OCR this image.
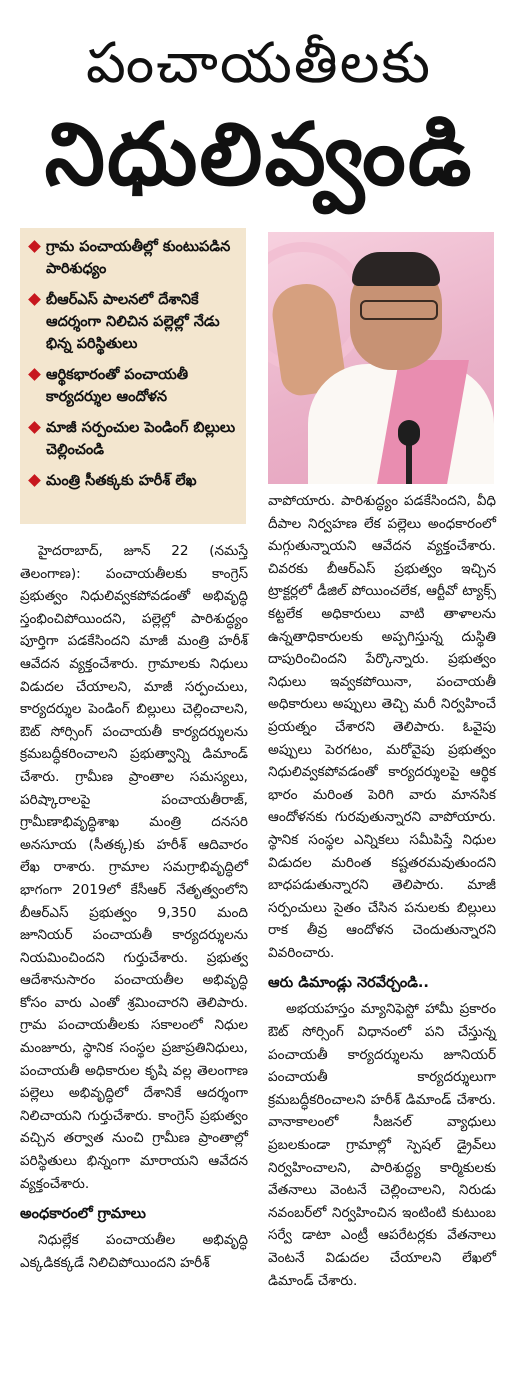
పంచాయతీలకు
నిధులివ్వండి
గ్రామ పంచాయతీల్లో కుంటుపడిన పారిశుధ్యం
బీఆర్ఎస్ పాలనలో దేశానికే ఆదర్శంగా నిలిచిన పల్లెల్లో నేడు భిన్న పరిస్థితులు
ఆర్థికభారంతో పంచాయతీ కార్యదర్శుల ఆందోళన
మాజీ సర్పంచుల పెండింగ్ బిల్లులు చెల్లించండి
మంత్రి సీతక్కకు హరీశ్ లేఖ

హైదరాబాద్, జూన్ 22 (నమస్తే తెలంగాణ): పంచాయతీలకు కాంగ్రెస్ ప్రభుత్వం నిధులివ్వకపోవడంతో అభివృద్ధి స్తంభించిపోయిందని, పల్లెల్లో పారిశుద్ధ్యం పూర్తిగా పడకేసిందని మాజీ మంత్రి హరీశ్ ఆవేదన వ్యక్తంచేశారు. గ్రామాలకు నిధులు విడుదల చేయాలని, మాజీ సర్పంచులు, కార్యదర్శుల పెండింగ్ బిల్లులు చెల్లించాలని, ఔట్ సోర్సింగ్ పంచాయతీ కార్యదర్శులను క్రమబద్ధీకరించాలని ప్రభుత్వాన్ని డిమాండ్ చేశారు. గ్రామీణ ప్రాంతాల సమస్యలు, పరిష్కారాలపై పంచాయతీరాజ్, గ్రామీణాభివృద్ధిశాఖ మంత్రి దనసరి అనసూయ (సీతక్క)కు హరీశ్ ఆదివారం లేఖ రాశారు. గ్రామాల సమగ్రాభివృద్ధిలో భాగంగా 2019లో కేసీఆర్ నేతృత్వంలోని బీఆర్ఎస్ ప్రభుత్వం 9,350 మంది జూనియర్ పంచాయతీ కార్యదర్శులను నియమించిందని గుర్తుచేశారు. ప్రభుత్వ ఆదేశానుసారం పంచాయతీల అభివృద్ధి కోసం వారు ఎంతో శ్రమించారని తెలిపారు. గ్రామ పంచాయతీలకు సకాలంలో నిధుల మంజూరు, స్థానిక సంస్థల ప్రజాప్రతినిధులు, పంచాయతీ అధికారుల కృషి వల్ల తెలంగాణ పల్లెలు అభివృద్ధిలో దేశానికే ఆదర్శంగా నిలిచాయని గుర్తుచేశారు. కాంగ్రెస్ ప్రభుత్వం వచ్చిన తర్వాత నుంచి గ్రామీణ ప్రాంతాల్లో పరిస్థితులు భిన్నంగా మారాయని ఆవేదన వ్యక్తంచేశారు.

అంధకారంలో గ్రామాలు

నిధుల్లేక పంచాయతీల అభివృద్ధి ఎక్కడికక్కడే నిలిచిపోయిందని హరీశ్

వాపోయారు. పారిశుద్ధ్యం పడకేసిందని, వీధి దీపాల నిర్వహణ లేక పల్లెలు అంధకారంలో మగ్గుతున్నాయని ఆవేదన వ్యక్తంచేశారు. చివరకు బీఆర్ఎస్ ప్రభుత్వం ఇచ్చిన ట్రాక్టర్లలో డీజిల్ పోయించలేక, ఆర్టీవో ట్యాక్స్ కట్టలేక అధికారులు వాటి తాళాలను ఉన్నతాధికారులకు అప్పగిస్తున్న దుస్థితి దాపురించిందని పేర్కొన్నారు. ప్రభుత్వం నిధులు ఇవ్వకపోయినా, పంచాయతీ అధికారులు అప్పులు తెచ్చి మరీ నిర్వహించే ప్రయత్నం చేశారని తెలిపారు. ఓవైపు అప్పులు పెరగటం, మరోవైపు ప్రభుత్వం నిధులివ్వకపోవడంతో కార్యదర్శులపై ఆర్థిక భారం మరింత పెరిగి వారు మానసిక ఆందోళనకు గురవుతున్నారని వాపోయారు. స్థానిక సంస్థల ఎన్నికలు సమీపిస్తే నిధుల విడుదల మరింత కష్టతరమవుతుందని బాధపడుతున్నారని తెలిపారు. మాజీ సర్పంచులు సైతం చేసిన పనులకు బిల్లులు రాక తీవ్ర ఆందోళన చెందుతున్నారని వివరించారు.

ఆరు డిమాండ్లు నెరవేర్చండి..

అభయహస్తం మ్యానిఫెస్టో హామీ ప్రకారం ఔట్ సోర్సింగ్ విధానంలో పని చేస్తున్న పంచాయతీ కార్యదర్శులను జూనియర్ పంచాయతీ కార్యదర్శులుగా క్రమబద్ధీకరించాలని హరీశ్ డిమాండ్ చేశారు. వానాకాలంలో సీజనల్ వ్యాధులు ప్రబలకుండా గ్రామాల్లో స్పెషల్ డ్రైవ్‌లు నిర్వహించాలని, పారిశుద్ధ్య కార్మికులకు వేతనాలు వెంటనే చెల్లించాలని, నిరుడు నవంబర్‌లో నిర్వహించిన ఇంటింటి కుటుంబ సర్వే డాటా ఎంట్రీ ఆపరేటర్లకు వేతనాలు వెంటనే విడుదల చేయాలని లేఖలో డిమాండ్ చేశారు.
